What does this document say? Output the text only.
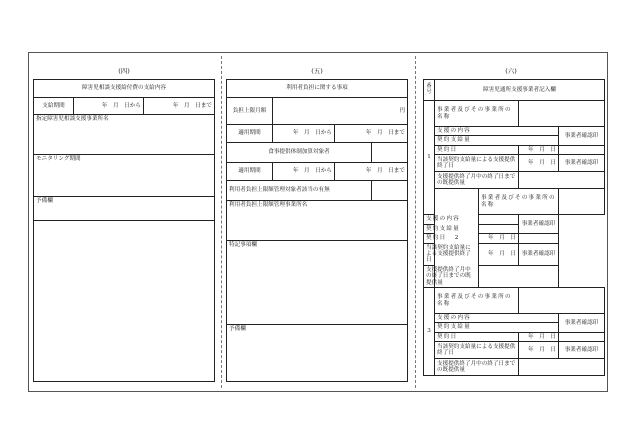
(四)	(五)	(六)
障害児相談支援給付費の支給内容
支給期間	年　月　日から	年　月　日まで
指定障害児相談支援事業所名
モニタリング期間
予備欄

利用者負担に関する事項			
負担上限月額	円		
適用期間	年　月　日から	年　月　日まで	
食事提供体制加算対象者			
適用期間	年　月　日から	年　月　日まで	
利用者負担上限額管理対象者該当の有無			
利用者負担上限額管理事業所名			
特記事項欄			
予備欄			
番号	障害児通所支援事業者記入欄			
1	事業者及びその事業所の名称			
	支援の内容			事業者確認印
	契約支給量			
	契約日		年　月　日	
	当該契約支給量による支援提供終了日		年　月　日	事業者確認印
	支援提供終了月中の終了日までの既提供量			
	2	事業者及びその事業所の名称		
支援の内容			事業者確認印	
契約支給量				
契約日		年　月　日		
当該契約支給量による支援提供終了日		年　月　日	事業者確認印	
支援提供終了月中の終了日までの既提供量				
3	事業者及びその事業所の名称			
	支援の内容			事業者確認印
	契約支給量			
	契約日		年　月　日	
	当該契約支給量による支援提供終了日		年　月　日	事業者確認印
	支援提供終了月中の終了日までの既提供量			
